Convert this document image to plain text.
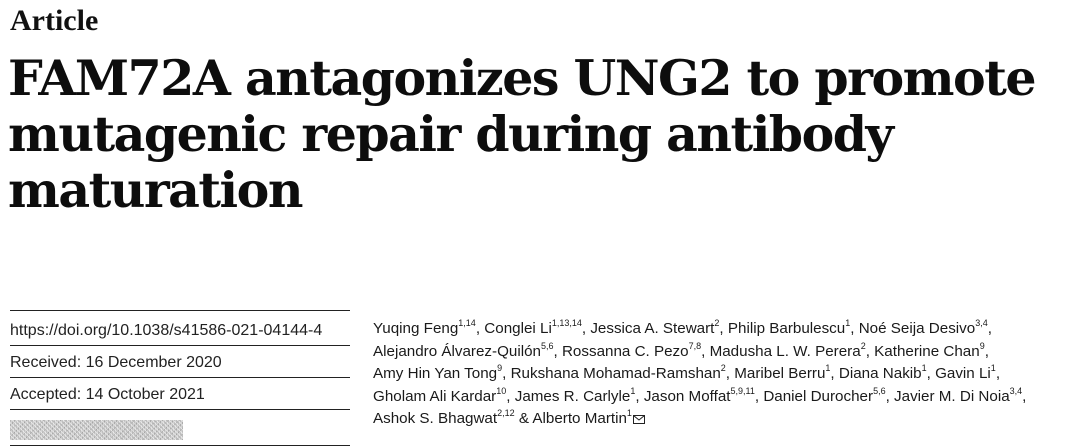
Article
FAM72A antagonizes UNG2 to promote mutagenic repair during antibody maturation
https://doi.org/10.1038/s41586-021-04144-4
Received: 16 December 2020
Accepted: 14 October 2021
Yuqing Feng$^{1,14}$, Conglei Li$^{1,13,14}$, Jessica A. Stewart$^2$, Philip Barbulescu$^1$, Noé Seija Desivo$^{3,4}$, Alejandro Álvarez-Quilón$^{5,6}$, Rossanna C. Pezo$^{7,8}$, Madusha L. W. Perera$^2$, Katherine Chan$^9$, Amy Hin Yan Tong$^9$, Rukshana Mohamad-Ramshan$^2$, Maribel Berru$^1$, Diana Nakib$^1$, Gavin Li$^1$, Gholam Ali Kardar$^{10}$, James R. Carlyle$^1$, Jason Moffat$^{5,9,11}$, Daniel Durocher$^{5,6}$, Javier M. Di Noia$^{3,4}$, Ashok S. Bhagwat$^{2,12}$ & Alberto Martin$^1$
